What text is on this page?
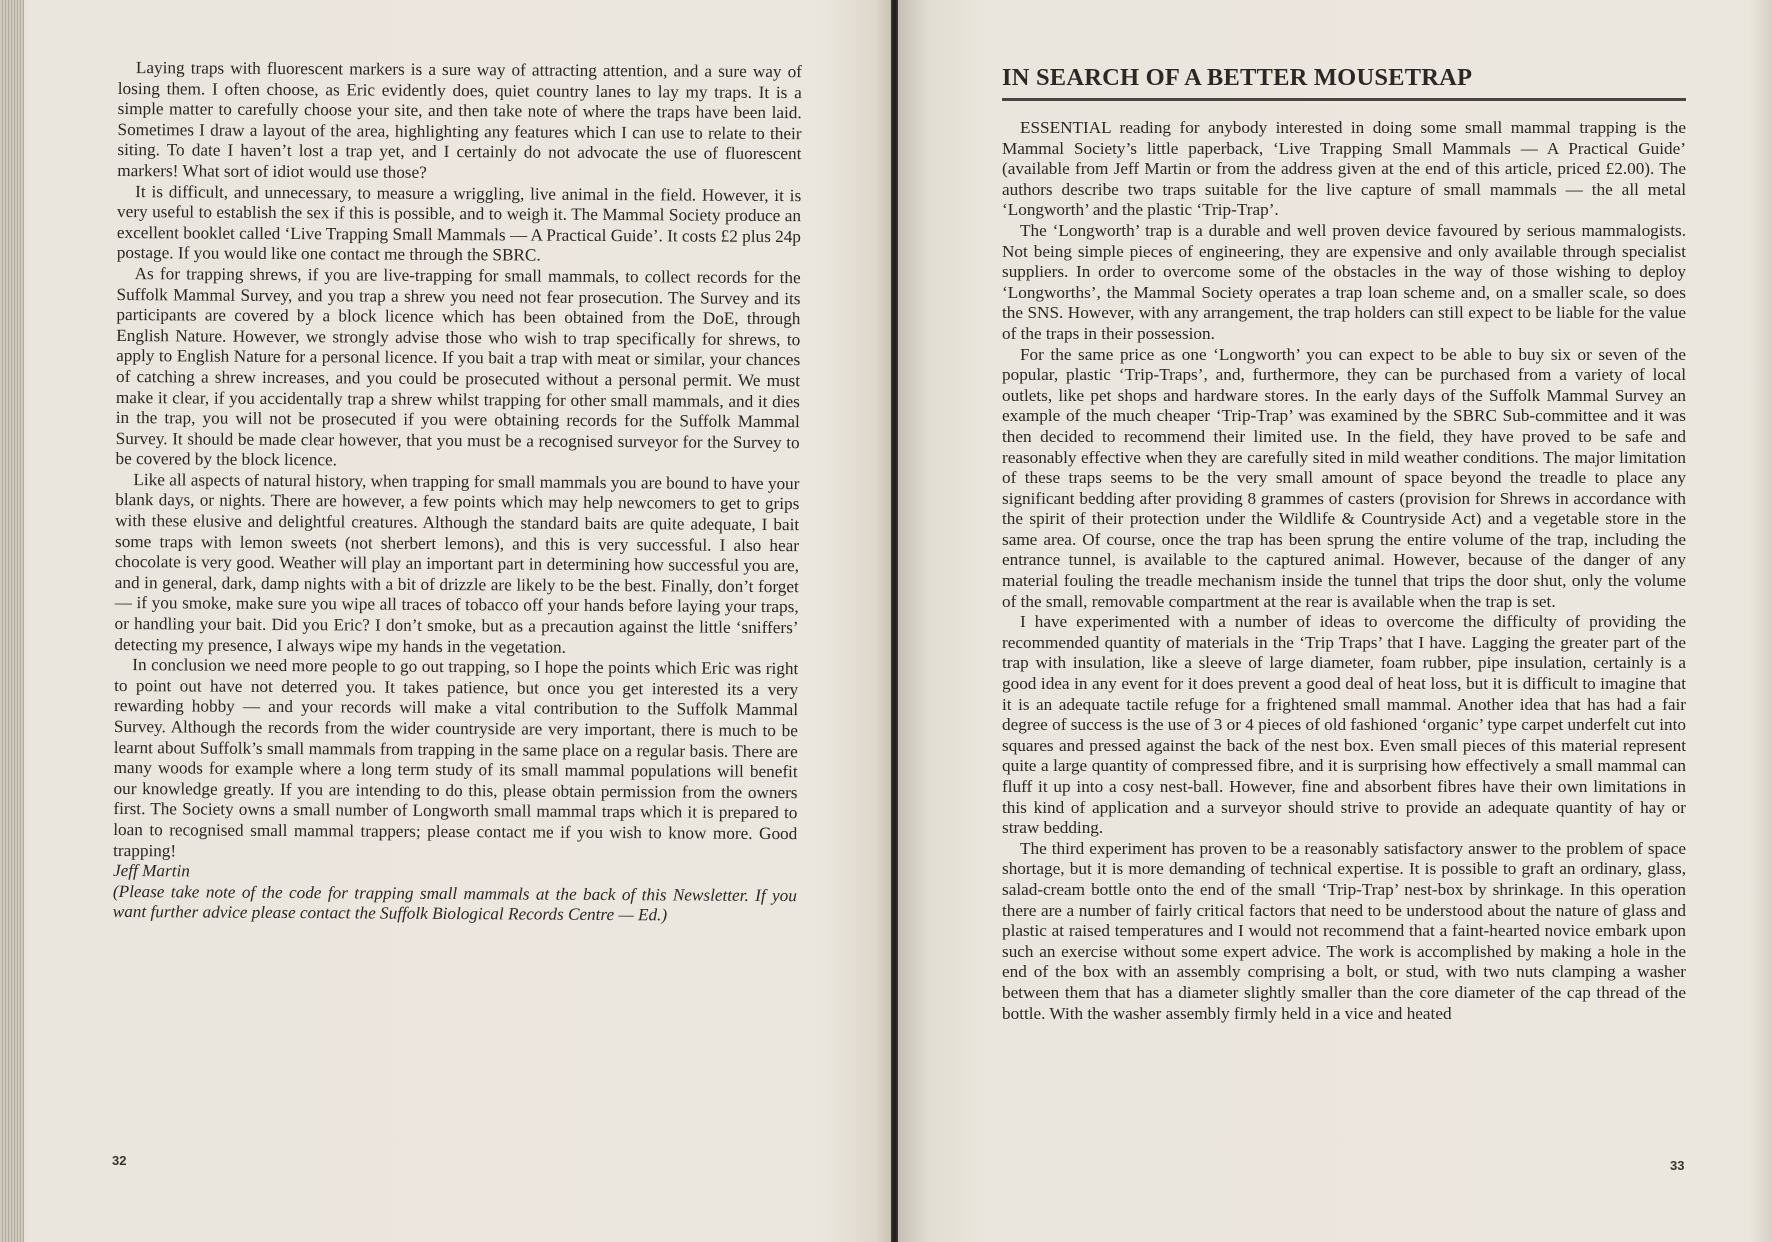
Laying traps with fluorescent markers is a sure way of attracting attention, and a sure way of losing them. I often choose, as Eric evidently does, quiet country lanes to lay my traps. It is a simple matter to carefully choose your site, and then take note of where the traps have been laid. Sometimes I draw a layout of the area, highlighting any features which I can use to relate to their siting. To date I haven’t lost a trap yet, and I certainly do not advocate the use of fluorescent markers! What sort of idiot would use those?

It is difficult, and unnecessary, to measure a wriggling, live animal in the field. However, it is very useful to establish the sex if this is possible, and to weigh it. The Mammal Society produce an excellent booklet called ‘Live Trapping Small Mammals — A Practical Guide’. It costs £2 plus 24p postage. If you would like one contact me through the SBRC.

As for trapping shrews, if you are live-trapping for small mammals, to collect records for the Suffolk Mammal Survey, and you trap a shrew you need not fear prosecution. The Survey and its participants are covered by a block licence which has been obtained from the DoE, through English Nature. However, we strongly advise those who wish to trap specifically for shrews, to apply to English Nature for a personal licence. If you bait a trap with meat or similar, your chances of catching a shrew increases, and you could be prosecuted without a personal permit. We must make it clear, if you accidentally trap a shrew whilst trapping for other small mammals, and it dies in the trap, you will not be prosecuted if you were obtaining records for the Suffolk Mammal Survey. It should be made clear however, that you must be a recognised surveyor for the Survey to be covered by the block licence.

Like all aspects of natural history, when trapping for small mammals you are bound to have your blank days, or nights. There are however, a few points which may help newcomers to get to grips with these elusive and delightful creatures. Although the standard baits are quite adequate, I bait some traps with lemon sweets (not sherbert lemons), and this is very successful. I also hear chocolate is very good. Weather will play an important part in determining how successful you are, and in general, dark, damp nights with a bit of drizzle are likely to be the best. Finally, don’t forget — if you smoke, make sure you wipe all traces of tobacco off your hands before laying your traps, or handling your bait. Did you Eric? I don’t smoke, but as a precaution against the little ‘sniffers’ detecting my presence, I always wipe my hands in the vegetation.

In conclusion we need more people to go out trapping, so I hope the points which Eric was right to point out have not deterred you. It takes patience, but once you get interested its a very rewarding hobby — and your records will make a vital contribution to the Suffolk Mammal Survey. Although the records from the wider countryside are very important, there is much to be learnt about Suffolk’s small mammals from trapping in the same place on a regular basis. There are many woods for example where a long term study of its small mammal populations will benefit our knowledge greatly. If you are intending to do this, please obtain permission from the owners first. The Society owns a small number of Longworth small mammal traps which it is prepared to loan to recognised small mammal trappers; please contact me if you wish to know more. Good trapping!

Jeff Martin

(Please take note of the code for trapping small mammals at the back of this Newsletter. If you want further advice please contact the Suffolk Biological Records Centre — Ed.)

32
IN SEARCH OF A BETTER MOUSETRAP

ESSENTIAL reading for anybody interested in doing some small mammal trapping is the Mammal Society’s little paperback, ‘Live Trapping Small Mammals — A Practical Guide’ (available from Jeff Martin or from the address given at the end of this article, priced £2.00). The authors describe two traps suitable for the live capture of small mammals — the all metal ‘Longworth’ and the plastic ‘Trip-Trap’.

The ‘Longworth’ trap is a durable and well proven device favoured by serious mammalogists. Not being simple pieces of engineering, they are expensive and only available through specialist suppliers. In order to overcome some of the obstacles in the way of those wishing to deploy ‘Longworths’, the Mammal Society operates a trap loan scheme and, on a smaller scale, so does the SNS. However, with any arrangement, the trap holders can still expect to be liable for the value of the traps in their possession.

For the same price as one ‘Longworth’ you can expect to be able to buy six or seven of the popular, plastic ‘Trip-Traps’, and, furthermore, they can be purchased from a variety of local outlets, like pet shops and hardware stores. In the early days of the Suffolk Mammal Survey an example of the much cheaper ‘Trip-Trap’ was examined by the SBRC Sub-committee and it was then decided to recommend their limited use. In the field, they have proved to be safe and reasonably effective when they are carefully sited in mild weather conditions. The major limitation of these traps seems to be the very small amount of space beyond the treadle to place any significant bedding after providing 8 grammes of casters (provision for Shrews in accordance with the spirit of their protection under the Wildlife & Countryside Act) and a vegetable store in the same area. Of course, once the trap has been sprung the entire volume of the trap, including the entrance tunnel, is available to the captured animal. However, because of the danger of any material fouling the treadle mechanism inside the tunnel that trips the door shut, only the volume of the small, removable compartment at the rear is available when the trap is set.

I have experimented with a number of ideas to overcome the difficulty of providing the recommended quantity of materials in the ‘Trip Traps’ that I have. Lagging the greater part of the trap with insulation, like a sleeve of large diameter, foam rubber, pipe insulation, certainly is a good idea in any event for it does prevent a good deal of heat loss, but it is difficult to imagine that it is an adequate tactile refuge for a frightened small mammal. Another idea that has had a fair degree of success is the use of 3 or 4 pieces of old fashioned ‘organic’ type carpet underfelt cut into squares and pressed against the back of the nest box. Even small pieces of this material represent quite a large quantity of compressed fibre, and it is surprising how effectively a small mammal can fluff it up into a cosy nest-ball. However, fine and absorbent fibres have their own limitations in this kind of application and a surveyor should strive to provide an adequate quantity of hay or straw bedding.

The third experiment has proven to be a reasonably satisfactory answer to the problem of space shortage, but it is more demanding of technical expertise. It is possible to graft an ordinary, glass, salad-cream bottle onto the end of the small ‘Trip-Trap’ nest-box by shrinkage. In this operation there are a number of fairly critical factors that need to be understood about the nature of glass and plastic at raised temperatures and I would not recommend that a faint-hearted novice embark upon such an exercise without some expert advice. The work is accomplished by making a hole in the end of the box with an assembly comprising a bolt, or stud, with two nuts clamping a washer between them that has a diameter slightly smaller than the core diameter of the cap thread of the bottle. With the washer assembly firmly held in a vice and heated

33
